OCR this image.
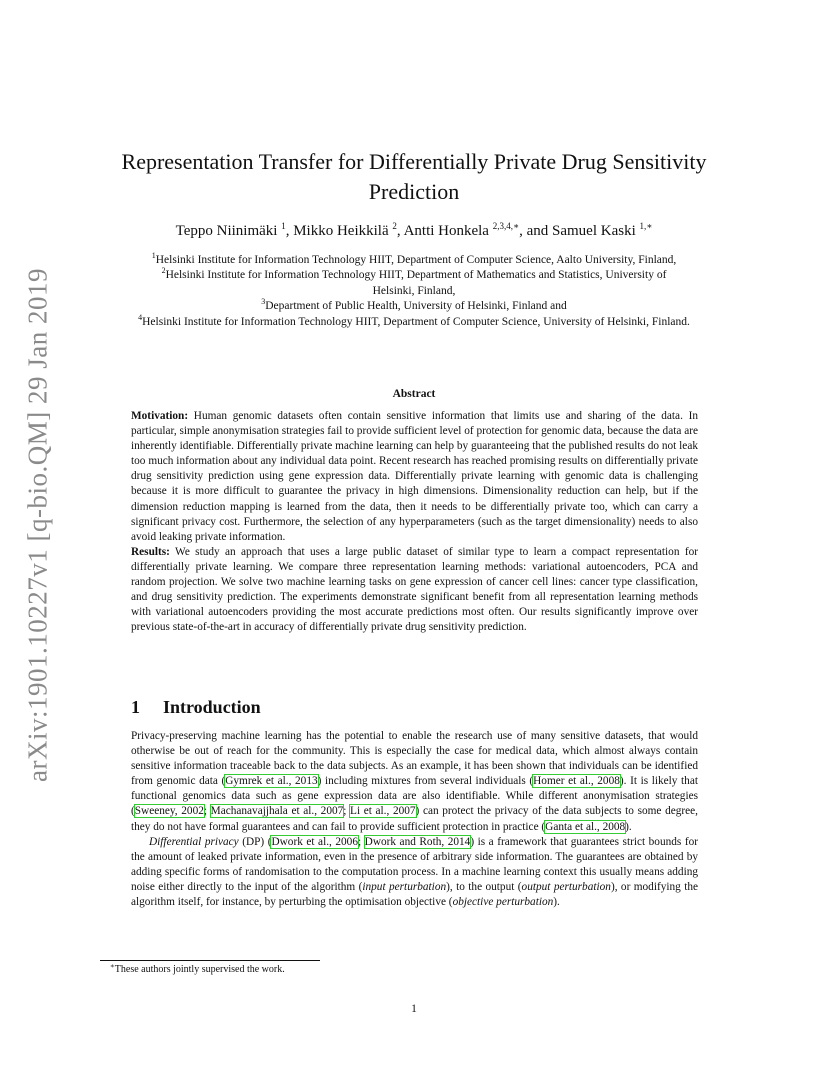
arXiv:1901.10227v1 [q-bio.QM] 29 Jan 2019
Representation Transfer for Differentially Private Drug Sensitivity
Prediction
Teppo Niinimäki $^1$, Mikko Heikkilä $^2$, Antti Honkela $^{2,3,4,∗}$, and Samuel Kaski $^{1,∗}$
$^1$Helsinki Institute for Information Technology HIIT, Department of Computer Science, Aalto University, Finland,
$^2$Helsinki Institute for Information Technology HIIT, Department of Mathematics and Statistics, University of
Helsinki, Finland,
$^3$Department of Public Health, University of Helsinki, Finland and
$^4$Helsinki Institute for Information Technology HIIT, Department of Computer Science, University of Helsinki, Finland.
Abstract

Motivation: Human genomic datasets often contain sensitive information that limits use and sharing of the data. In particular, simple anonymisation strategies fail to provide sufficient level of protection for genomic data, because the data are inherently identifiable. Differentially private machine learning can help by guaranteeing that the published results do not leak too much information about any individual data point. Recent research has reached promising results on differentially private drug sensitivity prediction using gene expression data. Differentially private learning with genomic data is challenging because it is more difficult to guarantee the privacy in high dimensions. Dimensionality reduction can help, but if the dimension reduction mapping is learned from the data, then it needs to be differentially private too, which can carry a significant privacy cost. Furthermore, the selection of any hyperparameters (such as the target dimensionality) needs to also avoid leaking private information.

Results: We study an approach that uses a large public dataset of similar type to learn a compact representation for differentially private learning. We compare three representation learning methods: variational autoencoders, PCA and random projection. We solve two machine learning tasks on gene expression of cancer cell lines: cancer type classification, and drug sensitivity prediction. The experiments demonstrate significant benefit from all representation learning methods with variational autoencoders providing the most accurate predictions most often. Our results significantly improve over previous state-of-the-art in accuracy of differentially private drug sensitivity prediction.

1 Introduction

Privacy-preserving machine learning has the potential to enable the research use of many sensitive datasets, that would otherwise be out of reach for the community. This is especially the case for medical data, which almost always contain sensitive information traceable back to the data subjects. As an example, it has been shown that individuals can be identified from genomic data (Gymrek et al., 2013) including mixtures from several individuals (Homer et al., 2008). It is likely that functional genomics data such as gene expression data are also identifiable. While different anonymisation strategies (Sweeney, 2002; Machanavajjhala et al., 2007; Li et al., 2007) can protect the privacy of the data subjects to some degree, they do not have formal guarantees and can fail to provide sufficient protection in practice (Ganta et al., 2008).

Differential privacy (DP) (Dwork et al., 2006; Dwork and Roth, 2014) is a framework that guarantees strict bounds for the amount of leaked private information, even in the presence of arbitrary side information. The guarantees are obtained by adding specific forms of randomisation to the computation process. In a machine learning context this usually means adding noise either directly to the input of the algorithm (input perturbation), to the output (output perturbation), or modifying the algorithm itself, for instance, by perturbing the optimisation objective (objective perturbation).

∗These authors jointly supervised the work.
1
